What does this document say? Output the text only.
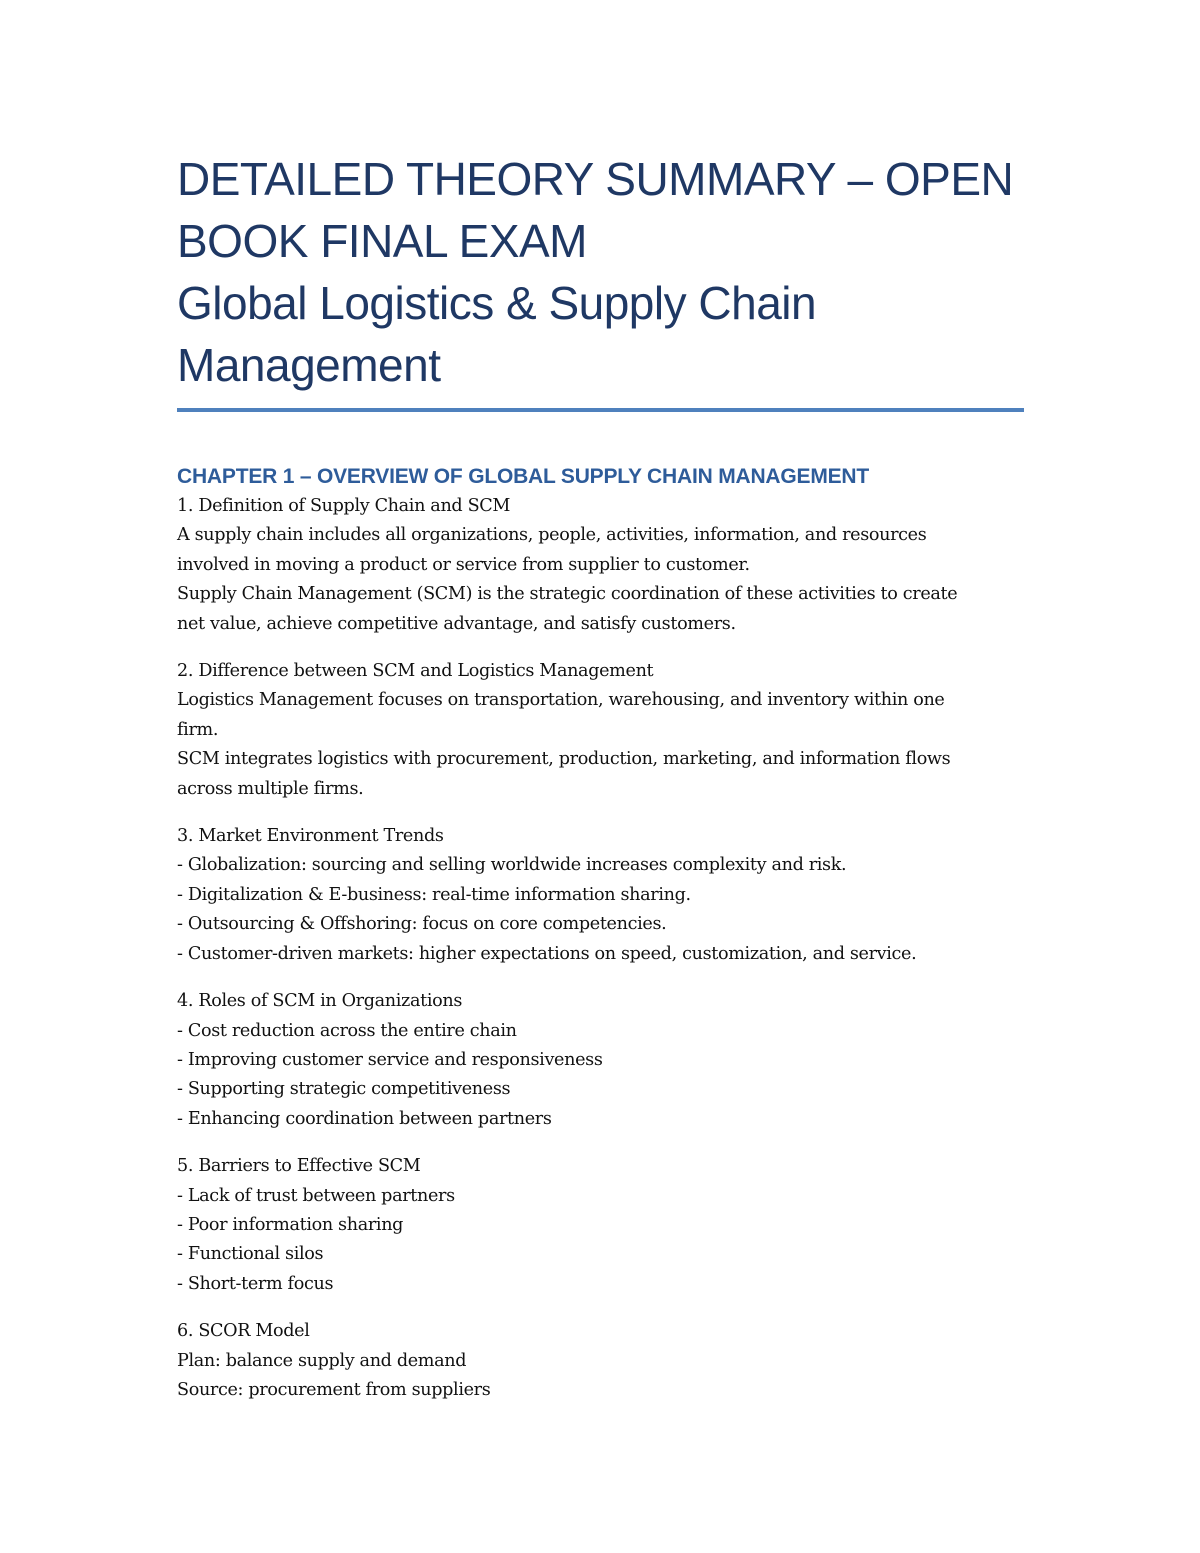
DETAILED THEORY SUMMARY – OPEN
BOOK FINAL EXAM
Global Logistics & Supply Chain
Management
CHAPTER 1 – OVERVIEW OF GLOBAL SUPPLY CHAIN MANAGEMENT

1. Definition of Supply Chain and SCM
A supply chain includes all organizations, people, activities, information, and resources
involved in moving a product or service from supplier to customer.
Supply Chain Management (SCM) is the strategic coordination of these activities to create
net value, achieve competitive advantage, and satisfy customers.

2. Difference between SCM and Logistics Management
Logistics Management focuses on transportation, warehousing, and inventory within one
firm.
SCM integrates logistics with procurement, production, marketing, and information flows
across multiple firms.

3. Market Environment Trends
- Globalization: sourcing and selling worldwide increases complexity and risk.
- Digitalization & E-business: real-time information sharing.
- Outsourcing & Offshoring: focus on core competencies.
- Customer-driven markets: higher expectations on speed, customization, and service.

4. Roles of SCM in Organizations
- Cost reduction across the entire chain
- Improving customer service and responsiveness
- Supporting strategic competitiveness
- Enhancing coordination between partners

5. Barriers to Effective SCM
- Lack of trust between partners
- Poor information sharing
- Functional silos
- Short-term focus

6. SCOR Model
Plan: balance supply and demand
Source: procurement from suppliers
